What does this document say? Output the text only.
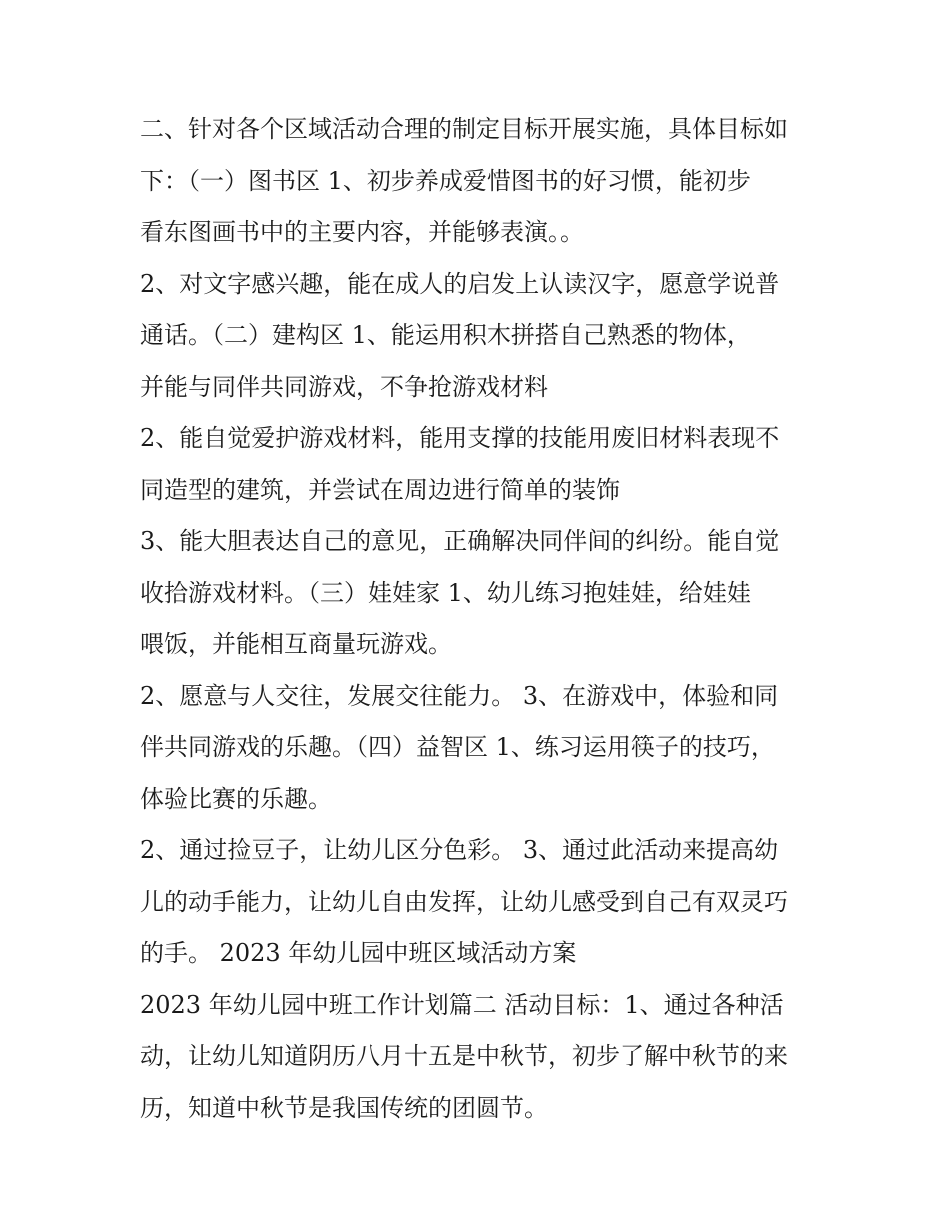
二、针对各个区域活动合理的制定目标开展实施，具体目标如
下：（一）图书区 1、初步养成爱惜图书的好习惯，能初步
看东图画书中的主要内容，并能够表演。。
2、对文字感兴趣，能在成人的启发上认读汉字，愿意学说普
通话。（二）建构区 1、能运用积木拼搭自己熟悉的物体，
并能与同伴共同游戏，不争抢游戏材料
2、能自觉爱护游戏材料，能用支撑的技能用废旧材料表现不
同造型的建筑，并尝试在周边进行简单的装饰
3、能大胆表达自己的意见，正确解决同伴间的纠纷。能自觉
收拾游戏材料。（三）娃娃家 1、幼儿练习抱娃娃，给娃娃
喂饭，并能相互商量玩游戏。
2、愿意与人交往，发展交往能力。 3、在游戏中，体验和同
伴共同游戏的乐趣。（四）益智区 1、练习运用筷子的技巧，
体验比赛的乐趣。
2、通过捡豆子，让幼儿区分色彩。 3、通过此活动来提高幼
儿的动手能力，让幼儿自由发挥，让幼儿感受到自己有双灵巧
的手。 2023 年幼儿园中班区域活动方案
2023 年幼儿园中班工作计划篇二 活动目标：1、通过各种活
动，让幼儿知道阴历八月十五是中秋节，初步了解中秋节的来
历，知道中秋节是我国传统的团圆节。
